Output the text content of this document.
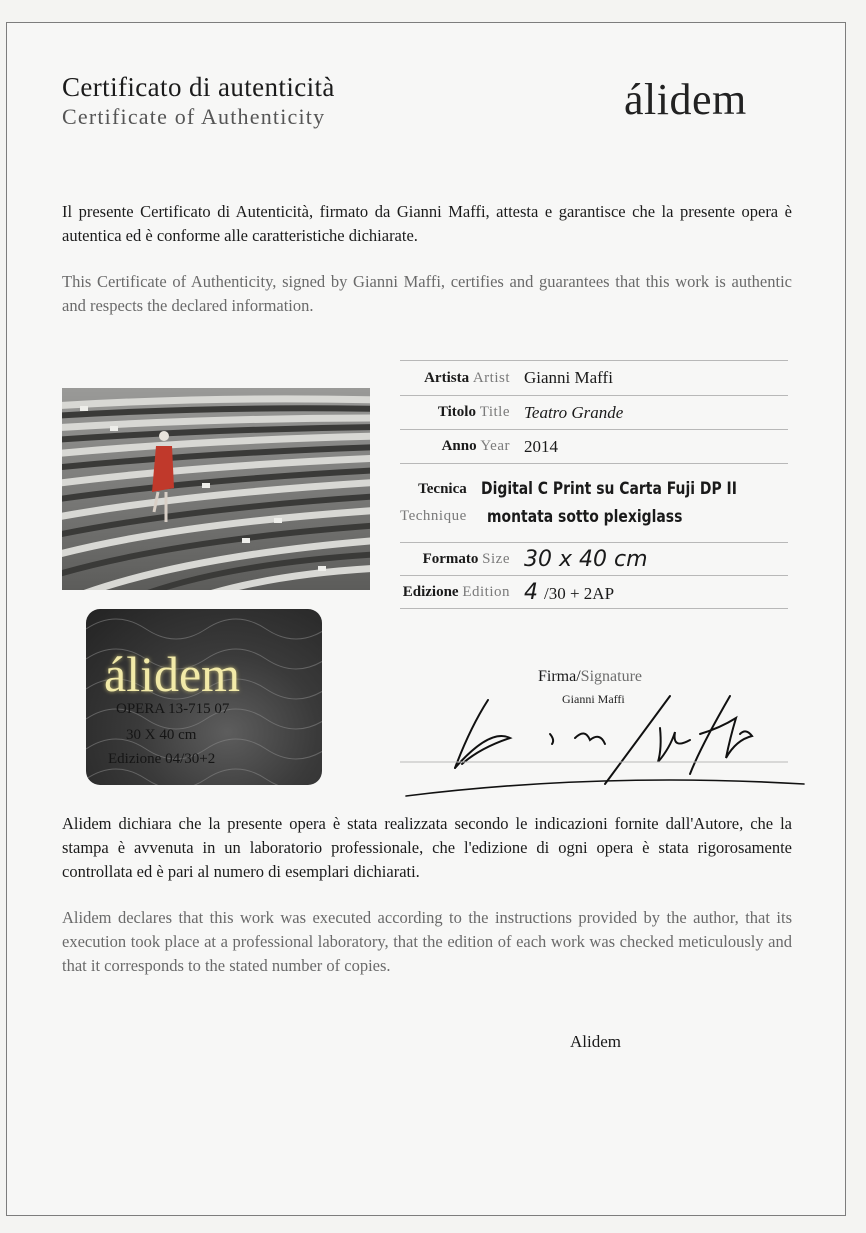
Certificato di autenticità
Certificate of Authenticity	álidem
Il presente Certificato di Autenticità, firmato da Gianni Maffi, attesta e garantisce che la presente opera è autentica ed è conforme alle caratteristiche dichiarate.
This Certificate of Authenticity, signed by Gianni Maffi, certifies and guarantees that this work is authentic and respects the declared information.
álidem
OPERA 13-715 07
30 X 40 cm
Edizione 04/30+2
Artista Artist Gianni Maffi
Titolo Title Teatro Grande
Anno Year 2014
Tecnica
Technique
Digital C Print su Carta Fuji DP II
montata sotto plexiglass
Formato Size 30 x 40 cm
Edizione Edition 4 /30 + 2AP
Firma/Signature
Gianni Maffi
Alidem dichiara che la presente opera è stata realizzata secondo le indicazioni fornite dall'Autore, che la stampa è avvenuta in un laboratorio professionale, che l'edizione di ogni opera è stata rigorosamente controllata ed è pari al numero di esemplari dichiarati.
Alidem declares that this work was executed according to the instructions provided by the author, that its execution took place at a professional laboratory, that the edition of each work was checked meticulously and that it corresponds to the stated number of copies.
Alidem
